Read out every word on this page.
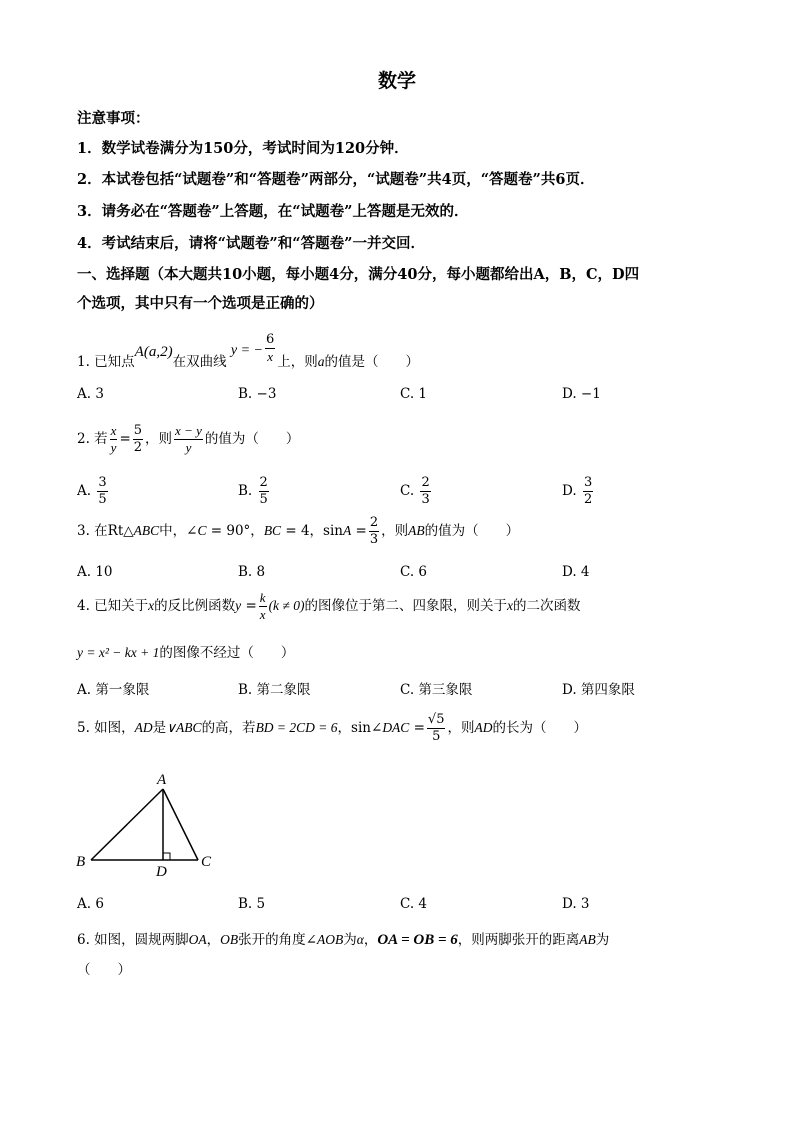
数学
注意事项：
1．数学试卷满分为150分，考试时间为120分钟．
2．本试卷包括“试题卷”和“答题卷”两部分，“试题卷”共4页，“答题卷”共6页．
3．请务必在“答题卷”上答题，在“试题卷”上答题是无效的．
4．考试结束后，请将“试题卷”和“答题卷”一并交回．
一、选择题（本大题共10小题，每小题4分，满分40分，每小题都给出A，B，C，D四
个选项，其中只有一个选项是正确的）
1. 已知点A(a,2)在双曲线 y = − $\frac{6}{x}$ 上，则a的值是（　　）
A. 3	B. −3	C. 1	D. −1
2. 若 $\frac{x}{y} = \frac{5}{2}$ ，则 $\frac{x - y}{y}$ 的值为（　　）
A. $\frac{3}{5}$	B. $\frac{2}{5}$	C. $\frac{2}{3}$	D. $\frac{3}{2}$
3. 在Rt△ABC中，∠C = 90°，BC = 4，$\sin A = \frac{2}{3}$ ，则AB的值为（　　）
A. 10	B. 8	C. 6	D. 4
4. 已知关于x的反比例函数$y = \frac{k}{x} (k \ne 0)$的图像位于第二、四象限，则关于x的二次函数
y = x² − kx + 1的图像不经过（　　）
A. 第一象限	B. 第二象限	C. 第三象限	D. 第四象限
5. 如图，AD是∨ABC的高，若BD = 2CD = 6，sin∠DAC = $\frac{√5}{5}$ ，则AD的长为（　　）
A
B	C
D
A. 6	B. 5	C. 4	D. 3
6. 如图，圆规两脚OA，OB张开的角度∠AOB为α，OA = OB = 6，则两脚张开的距离AB为
（　　）
